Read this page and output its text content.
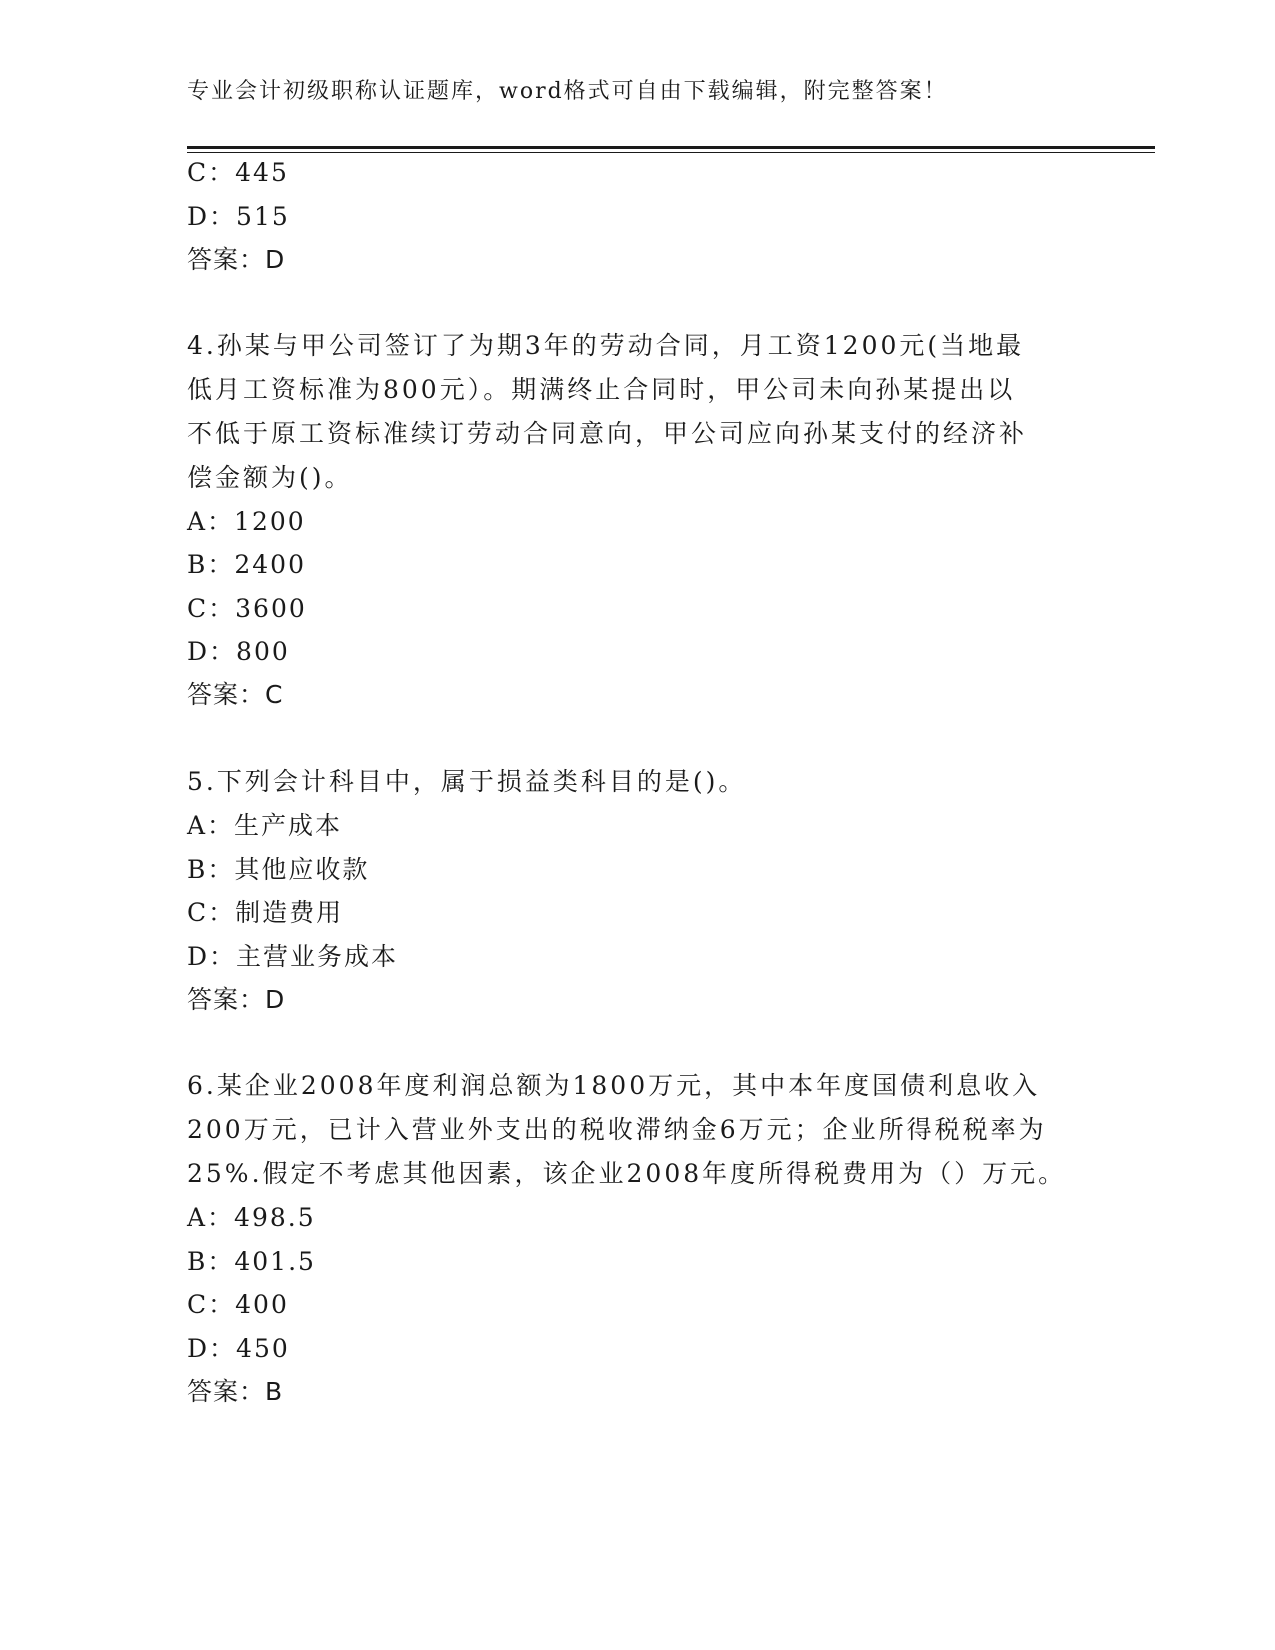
专业会计初级职称认证题库，word格式可自由下载编辑，附完整答案！
C：445
D：515
答案：D
4.孙某与甲公司签订了为期3年的劳动合同，月工资1200元(当地最
低月工资标准为800元）。期满终止合同时，甲公司未向孙某提出以
不低于原工资标准续订劳动合同意向，甲公司应向孙某支付的经济补
偿金额为()。
A：1200
B：2400
C：3600
D：800
答案：C
5.下列会计科目中，属于损益类科目的是()。
A：生产成本
B：其他应收款
C：制造费用
D：主营业务成本
答案：D
6.某企业2008年度利润总额为1800万元，其中本年度国债利息收入
200万元，已计入营业外支出的税收滞纳金6万元；企业所得税税率为
25%.假定不考虑其他因素，该企业2008年度所得税费用为（）万元。
A：498.5
B：401.5
C：400
D：450
答案：B
